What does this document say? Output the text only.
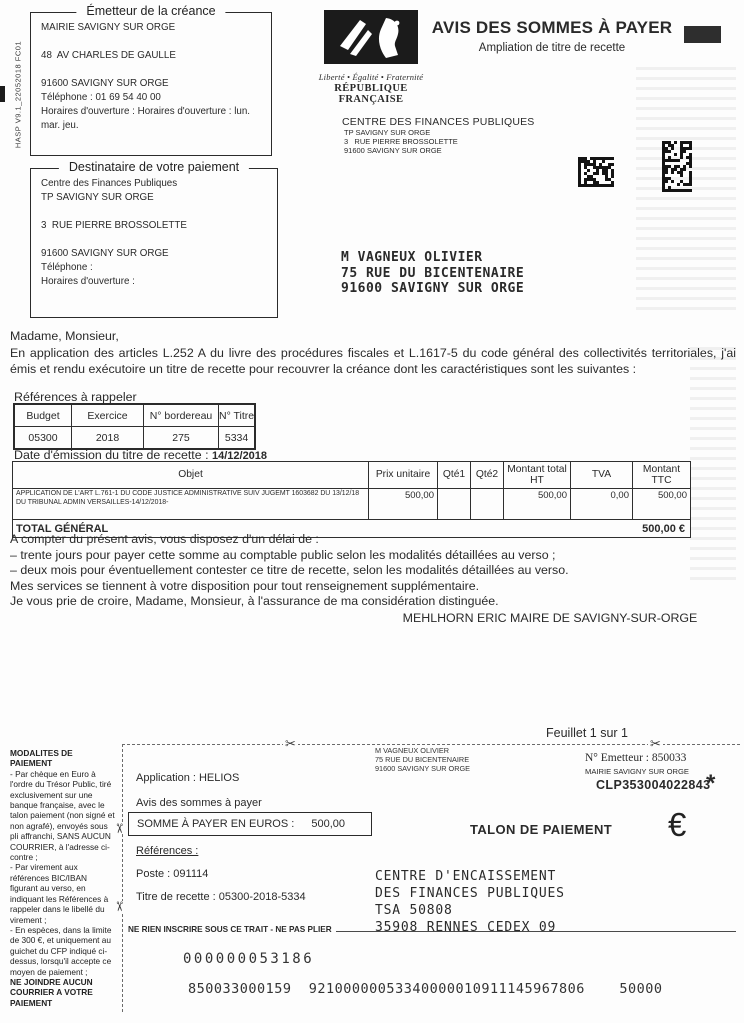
HASP V9.1_22052018 FC01
Émetteur de la créance
MAIRIE SAVIGNY SUR ORGE
48  AV CHARLES DE GAULLE
91600 SAVIGNY SUR ORGE
Téléphone : 01 69 54 40 00
Horaires d'ouverture : Horaires d'ouverture : lun. mar. jeu.
Destinataire de votre paiement
Centre des Finances Publiques
TP SAVIGNY SUR ORGE
3  RUE PIERRE BROSSOLETTE
91600 SAVIGNY SUR ORGE
Téléphone :
Horaires d'ouverture :
Liberté • Égalité • Fraternité
RÉPUBLIQUE FRANÇAISE
AVIS DES SOMMES À PAYER
Ampliation de titre de recette
CENTRE DES FINANCES PUBLIQUES
TP SAVIGNY SUR ORGE
3   RUE PIERRE BROSSOLETTE
91600 SAVIGNY SUR ORGE
M VAGNEUX OLIVIER
75 RUE DU BICENTENAIRE
91600 SAVIGNY SUR ORGE
Madame, Monsieur,
En application des articles L.252 A du livre des procédures fiscales et L.1617-5 du code général des collectivités territoriales, j'ai émis et rendu exécutoire un titre de recette pour recouvrer la créance dont les caractéristiques sont les suivantes :
Références à rappeler
Budget	Exercice	N° bordereau	N° Titre
05300	2018	275	5334
Date d'émission du titre de recette : 14/12/2018
Objet	Prix unitaire	Qté1	Qté2	Montant total HT	TVA	Montant TTC
APPLICATION DE L'ART L.761-1 DU CODE JUSTICE ADMINISTRATIVE SUIV JUGEMT 1603682 DU 13/12/18 DU TRIBUNAL ADMIN VERSAILLES-14/12/2018-	500,00			500,00	0,00	500,00

TOTAL GÉNÉRAL 500,00 €						
A compter du présent avis, vous disposez d'un délai de :
– trente jours pour payer cette somme au comptable public selon les modalités détaillées au verso ;
– deux mois pour éventuellement contester ce titre de recette, selon les modalités détaillées au verso.
Mes services se tiennent à votre disposition pour tout renseignement supplémentaire.
Je vous prie de croire, Madame, Monsieur, à l'assurance de ma considération distinguée.
MEHLHORN ERIC MAIRE DE SAVIGNY-SUR-ORGE
Feuillet 1 sur 1
✂	✂
✂
✂
MODALITES DE PAIEMENT
- Par chèque en Euro à l'ordre du Trésor Public, tiré exclusivement sur une banque française, avec le talon paiement (non signé et non agrafé), envoyés sous pli affranchi, SANS AUCUN COURRIER, à l'adresse ci-contre ;
- Par virement aux références BIC/IBAN figurant au verso, en indiquant les Références à rappeler dans le libellé du virement ;
- En espèces, dans la limite de 300 €, et uniquement au guichet du CFP indiqué ci-dessus, lorsqu'il accepte ce moyen de paiement ;
NE JOINDRE AUCUN COURRIER A VOTRE PAIEMENT
Application : HELIOS
Avis des sommes à payer
SOMME À PAYER EN EUROS : 500,00
Références :
Poste : 091114
Titre de recette : 05300-2018-5334
M VAGNEUX OLIVIER
75 RUE DU BICENTENAIRE
91600 SAVIGNY SUR ORGE
N° Emetteur : 850033
MAIRIE SAVIGNY SUR ORGE
CLP353004022843
*
TALON DE PAIEMENT €
CENTRE D'ENCAISSEMENT
DES FINANCES PUBLIQUES
TSA 50808
35908 RENNES CEDEX 09
NE RIEN INSCRIRE SOUS CE TRAIT - NE PAS PLIER
000000053186
850033000159  92100000053340000010911145967806    50000
